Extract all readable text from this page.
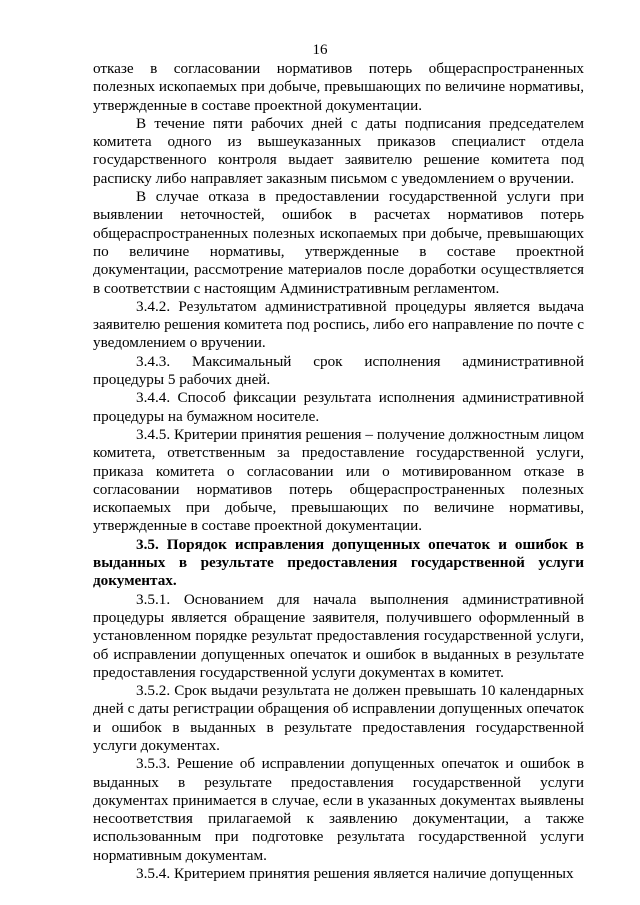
16

отказе в согласовании нормативов потерь общераспространенных полезных ископаемых при добыче, превышающих по величине нормативы, утвержденные в составе проектной документации.

В течение пяти рабочих дней с даты подписания председателем комитета одного из вышеуказанных приказов специалист отдела государственного контроля выдает заявителю решение комитета под расписку либо направляет заказным письмом с уведомлением о вручении.

В случае отказа в предоставлении государственной услуги при выявлении неточностей, ошибок в расчетах нормативов потерь общераспространенных полезных ископаемых при добыче, превышающих по величине нормативы, утвержденные в составе проектной документации, рассмотрение материалов после доработки осуществляется в соответствии с настоящим Административным регламентом.

3.4.2. Результатом административной процедуры является выдача заявителю решения комитета под роспись, либо его направление по почте с уведомлением о вручении.

3.4.3. Максимальный срок исполнения административной процедуры 5 рабочих дней.

3.4.4. Способ фиксации результата исполнения административной процедуры на бумажном носителе.

3.4.5. Критерии принятия решения – получение должностным лицом комитета, ответственным за предоставление государственной услуги, приказа комитета о согласовании или о мотивированном отказе в согласовании нормативов потерь общераспространенных полезных ископаемых при добыче, превышающих по величине нормативы, утвержденные в составе проектной документации.

3.5. Порядок исправления допущенных опечаток и ошибок в выданных в результате предоставления государственной услуги документах.

3.5.1. Основанием для начала выполнения административной процедуры является обращение заявителя, получившего оформленный в установленном порядке результат предоставления государственной услуги, об исправлении допущенных опечаток и ошибок в выданных в результате предоставления государственной услуги документах в комитет.

3.5.2. Срок выдачи результата не должен превышать 10 календарных дней с даты регистрации обращения об исправлении допущенных опечаток и ошибок в выданных в результате предоставления государственной услуги документах.

3.5.3. Решение об исправлении допущенных опечаток и ошибок в выданных в результате предоставления государственной услуги документах принимается в случае, если в указанных документах выявлены несоответствия прилагаемой к заявлению документации, а также использованным при подготовке результата государственной услуги нормативным документам.

3.5.4. Критерием принятия решения является наличие допущенных
